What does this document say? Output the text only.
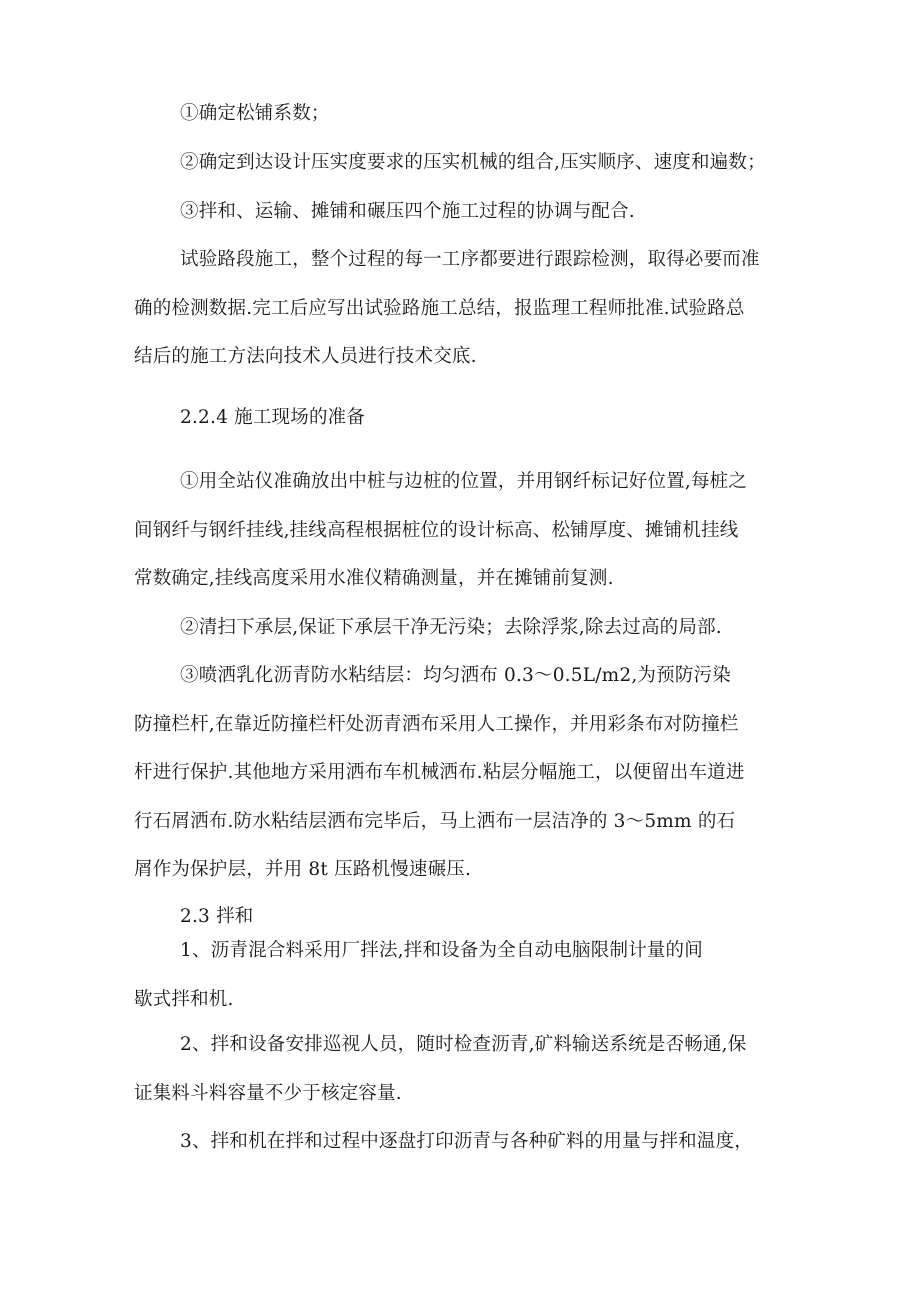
①确定松铺系数；
②确定到达设计压实度要求的压实机械的组合,压实顺序、速度和遍数；
③拌和、运输、摊铺和碾压四个施工过程的协调与配合.
试验路段施工，整个过程的每一工序都要进行跟踪检测，取得必要而准
确的检测数据.完工后应写出试验路施工总结，报监理工程师批准.试验路总
结后的施工方法向技术人员进行技术交底.
2.2.4 施工现场的准备
①用全站仪准确放出中桩与边桩的位置，并用钢纤标记好位置,每桩之
间钢纤与钢纤挂线,挂线高程根据桩位的设计标高、松铺厚度、摊铺机挂线
常数确定,挂线高度采用水准仪精确测量，并在摊铺前复测.
②清扫下承层,保证下承层干净无污染；去除浮浆,除去过高的局部.
③喷洒乳化沥青防水粘结层：均匀洒布 0.3～0.5L/m2,为预防污染
防撞栏杆,在靠近防撞栏杆处沥青洒布采用人工操作，并用彩条布对防撞栏
杆进行保护.其他地方采用洒布车机械洒布.粘层分幅施工，以便留出车道进
行石屑洒布.防水粘结层洒布完毕后，马上洒布一层洁净的 3～5mm 的石
屑作为保护层，并用 8t 压路机慢速碾压.
2.3 拌和
1、沥青混合料采用厂拌法,拌和设备为全自动电脑限制计量的间
歇式拌和机.
2、拌和设备安排巡视人员，随时检查沥青,矿料输送系统是否畅通,保
证集料斗料容量不少于核定容量.
3、拌和机在拌和过程中逐盘打印沥青与各种矿料的用量与拌和温度，
